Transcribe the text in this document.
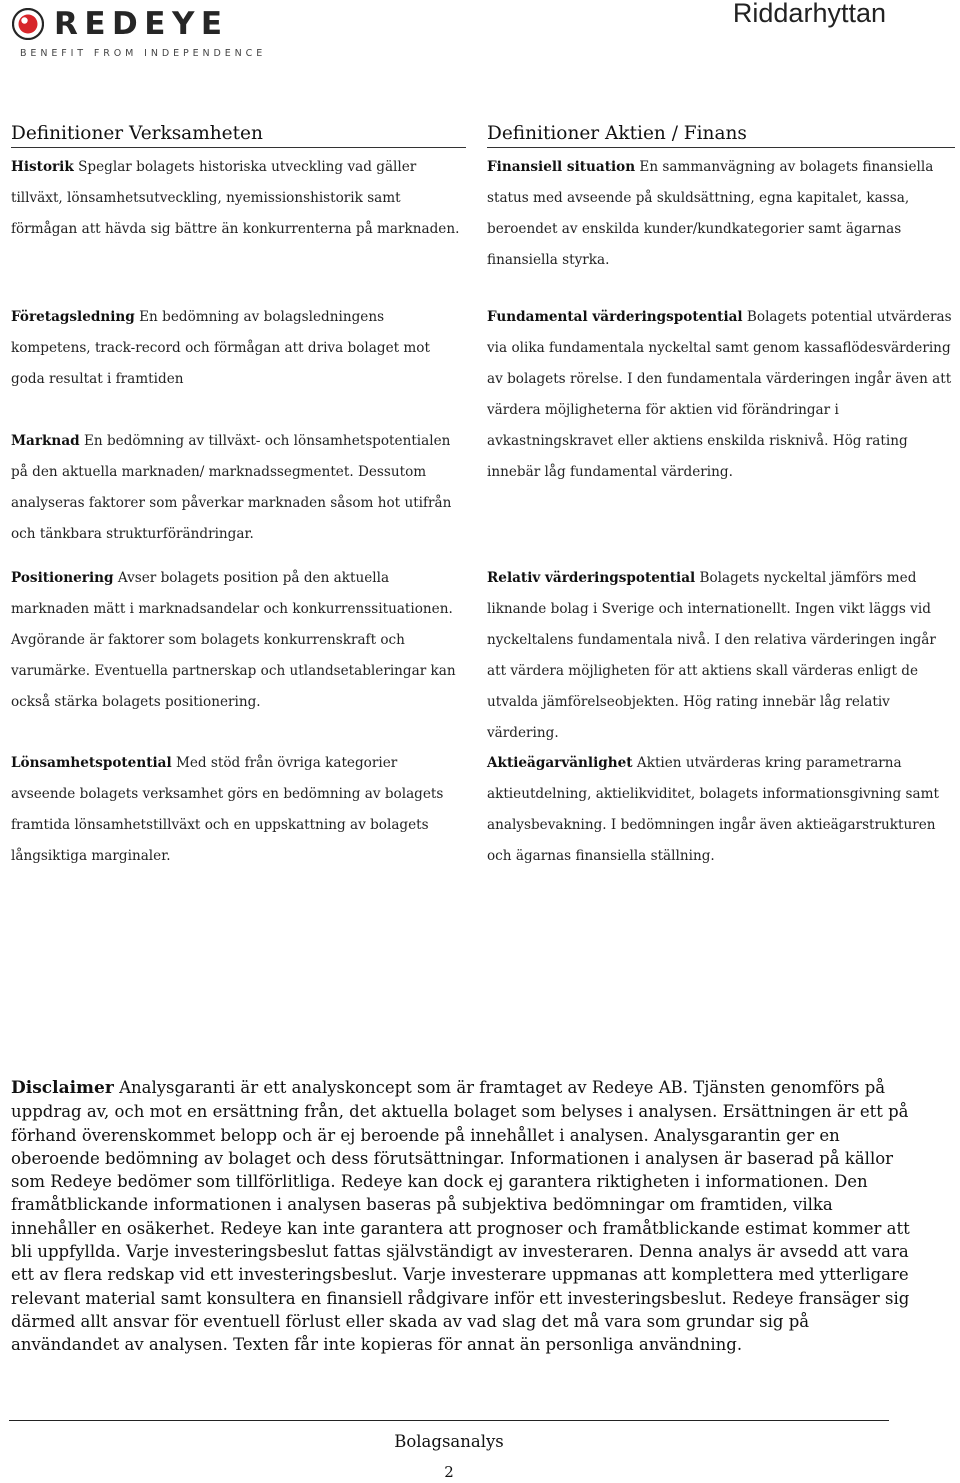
REDEYE
BENEFIT FROM INDEPENDENCE
Riddarhyttan
Definitioner Verksamheten	Definitioner Aktien / Finans
Historik Speglar bolagets historiska utveckling vad gäller tillväxt, lönsamhetsutveckling, nyemissionshistorik samt förmågan att hävda sig bättre än konkurrenterna på marknaden.
Finansiell situation En sammanvägning av bolagets finansiella status med avseende på skuldsättning, egna kapitalet, kassa, beroendet av enskilda kunder/kundkategorier samt ägarnas finansiella styrka.
Företagsledning En bedömning av bolagsledningens kompetens, track-record och förmågan att driva bolaget mot goda resultat i framtiden
Marknad En bedömning av tillväxt- och lönsamhetspotentialen på den aktuella marknaden/ marknadssegmentet. Dessutom analyseras faktorer som påverkar marknaden såsom hot utifrån och tänkbara strukturförändringar.
Fundamental värderingspotential Bolagets potential utvärderas via olika fundamentala nyckeltal samt genom kassaflödesvärdering av bolagets rörelse. I den fundamentala värderingen ingår även att värdera möjligheterna för aktien vid förändringar i avkastningskravet eller aktiens enskilda risknivå. Hög rating innebär låg fundamental värdering.
Positionering Avser bolagets position på den aktuella marknaden mätt i marknadsandelar och konkurrenssituationen. Avgörande är faktorer som bolagets konkurrenskraft och varumärke. Eventuella partnerskap och utlandsetableringar kan också stärka bolagets positionering.
Relativ värderingspotential Bolagets nyckeltal jämförs med liknande bolag i Sverige och internationellt. Ingen vikt läggs vid nyckeltalens fundamentala nivå. I den relativa värderingen ingår att värdera möjligheten för att aktiens skall värderas enligt de utvalda jämförelseobjekten. Hög rating innebär låg relativ värdering.
Lönsamhetspotential Med stöd från övriga kategorier avseende bolagets verksamhet görs en bedömning av bolagets framtida lönsamhetstillväxt och en uppskattning av bolagets långsiktiga marginaler.
Aktieägarvänlighet Aktien utvärderas kring parametrarna aktieutdelning, aktielikviditet, bolagets informationsgivning samt analysbevakning. I bedömningen ingår även aktieägarstrukturen och ägarnas finansiella ställning.
Disclaimer Analysgaranti är ett analyskoncept som är framtaget av Redeye AB. Tjänsten genomförs på uppdrag av, och mot en ersättning från, det aktuella bolaget som belyses i analysen. Ersättningen är ett på förhand överenskommet belopp och är ej beroende på innehållet i analysen. Analysgarantin ger en oberoende bedömning av bolaget och dess förutsättningar. Informationen i analysen är baserad på källor som Redeye bedömer som tillförlitliga. Redeye kan dock ej garantera riktigheten i informationen. Den framåtblickande informationen i analysen baseras på subjektiva bedömningar om framtiden, vilka innehåller en osäkerhet. Redeye kan inte garantera att prognoser och framåtblickande estimat kommer att bli uppfyllda. Varje investeringsbeslut fattas självständigt av investeraren. Denna analys är avsedd att vara ett av flera redskap vid ett investeringsbeslut. Varje investerare uppmanas att komplettera med ytterligare relevant material samt konsultera en finansiell rådgivare inför ett investeringsbeslut. Redeye fransäger sig därmed allt ansvar för eventuell förlust eller skada av vad slag det må vara som grundar sig på användandet av analysen. Texten får inte kopieras för annat än personliga användning.
Bolagsanalys
2
